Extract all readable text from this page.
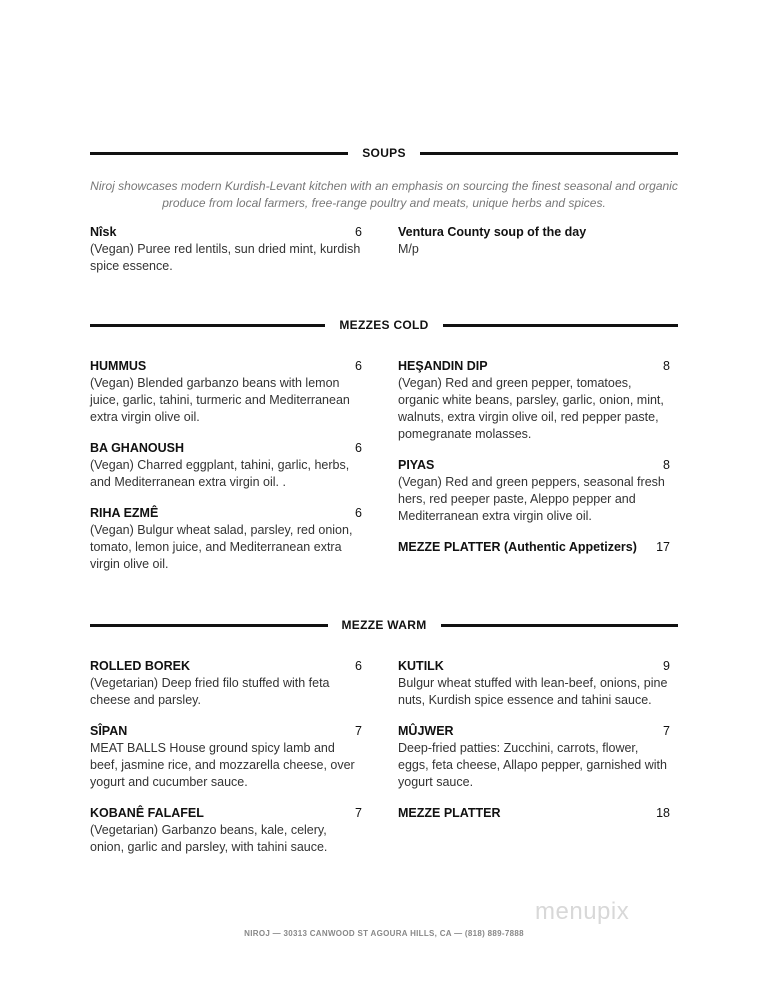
SOUPS
Niroj showcases modern Kurdish-Levant kitchen with an emphasis on sourcing the finest seasonal and organic produce from local farmers, free-range poultry and meats, unique herbs and spices.
Nîsk	6
(Vegan) Puree red lentils, sun dried mint, kurdish spice essence.
Ventura County soup of the day
M/p
MEZZES COLD
HUMMUS	6
(Vegan) Blended garbanzo beans with lemon juice, garlic, tahini, turmeric and Mediterranean extra virgin olive oil.
BA GHANOUSH	6
(Vegan) Charred eggplant, tahini, garlic, herbs, and Mediterranean extra virgin oil. .
RIHA EZMÊ	6
(Vegan) Bulgur wheat salad, parsley, red onion, tomato, lemon juice, and Mediterranean extra virgin olive oil.
HEŞANDIN DIP	8
(Vegan) Red and green pepper, tomatoes, organic white beans, parsley, garlic, onion, mint, walnuts, extra virgin olive oil, red pepper paste, pomegranate molasses.
PIYAS	8
(Vegan) Red and green peppers, seasonal fresh hers, red peeper paste, Aleppo pepper and Mediterranean extra virgin olive oil.
MEZZE PLATTER (Authentic Appetizers) 17
MEZZE WARM
ROLLED BOREK	6
(Vegetarian) Deep fried filo stuffed with feta cheese and parsley.
SÎPAN	7
MEAT BALLS House ground spicy lamb and beef, jasmine rice, and mozzarella cheese, over yogurt and cucumber sauce.
KOBANÊ FALAFEL	7
(Vegetarian) Garbanzo beans, kale, celery, onion, garlic and parsley, with tahini sauce.
KUTILK	9
Bulgur wheat stuffed with lean-beef, onions, pine nuts, Kurdish spice essence and tahini sauce.
MÛJWER	7
Deep-fried patties: Zucchini, carrots, flower, eggs, feta cheese, Allapo pepper, garnished with yogurt sauce.
MEZZE PLATTER	18
menupix
NIROJ — 30313 CANWOOD ST AGOURA HILLS, CA — (818) 889-7888
